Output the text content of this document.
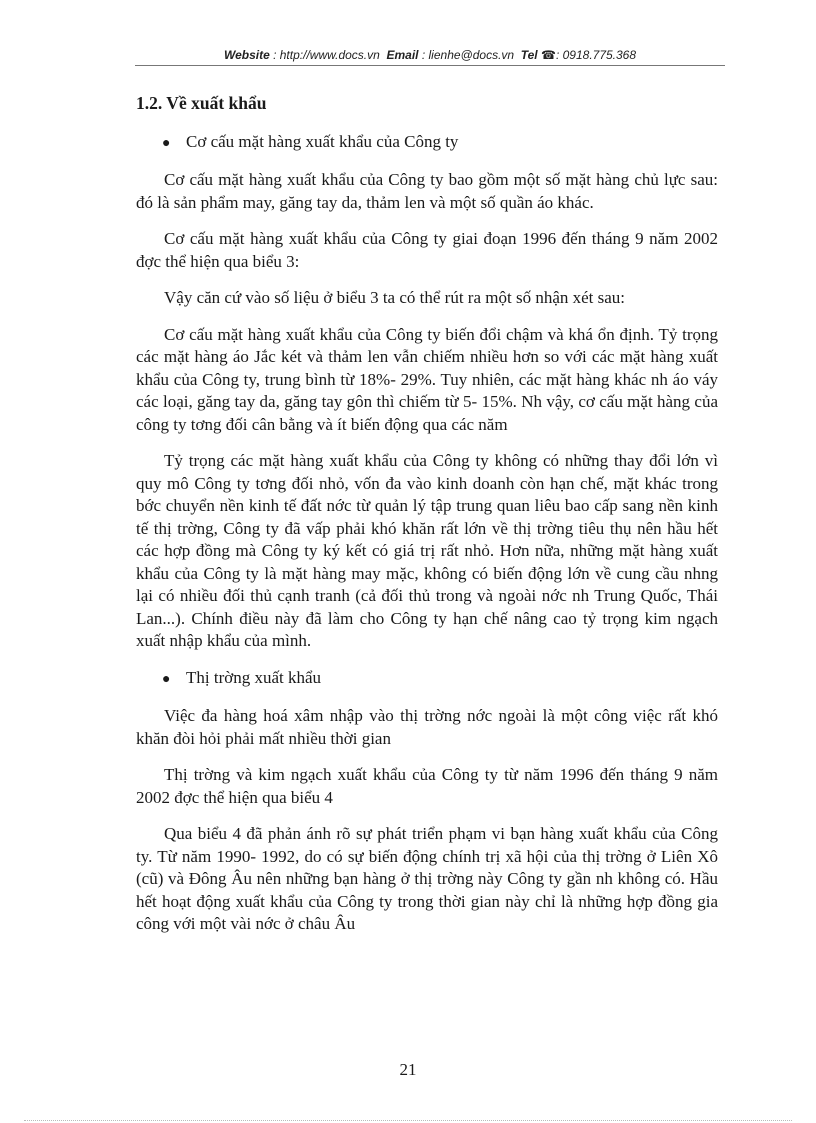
Website : http://www.docs.vn Email : lienhe@docs.vn Tel ☎: 0918.775.368
1.2. Về xuất khẩu
● Cơ cấu mặt hàng xuất khẩu của Công ty

Cơ cấu mặt hàng xuất khẩu của Công ty bao gồm một số mặt hàng chủ lực sau: đó là sản phẩm may, găng tay da, thảm len và một số quần áo khác.

Cơ cấu mặt hàng xuất khẩu của Công ty giai đoạn 1996 đến tháng 9 năm 2002 đợc thể hiện qua biểu 3:

Vậy căn cứ vào số liệu ở biểu 3 ta có thể rút ra một số nhận xét sau:

Cơ cấu mặt hàng xuất khẩu của Công ty biến đổi chậm và khá ổn định. Tỷ trọng các mặt hàng áo Jắc két và thảm len vẫn chiếm nhiều hơn so với các mặt hàng xuất khẩu của Công ty, trung bình từ 18%- 29%. Tuy nhiên, các mặt hàng khác nh áo váy các loại, găng tay da, găng tay gôn thì chiếm từ 5- 15%. Nh vậy, cơ cấu mặt hàng của công ty tơng đối cân bằng và ít biến động qua các năm

Tỷ trọng các mặt hàng xuất khẩu của Công ty không có những thay đổi lớn vì quy mô Công ty tơng đối nhỏ, vốn đa vào kinh doanh còn hạn chế, mặt khác trong bớc chuyển nền kinh tế đất nớc từ quản lý tập trung quan liêu bao cấp sang nền kinh tế thị trờng, Công ty đã vấp phải khó khăn rất lớn về thị trờng tiêu thụ nên hầu hết các hợp đồng mà Công ty ký kết có giá trị rất nhỏ. Hơn nữa, những mặt hàng xuất khẩu của Công ty là mặt hàng may mặc, không có biến động lớn về cung cầu nhng lại có nhiều đối thủ cạnh tranh (cả đối thủ trong và ngoài nớc nh Trung Quốc, Thái Lan...). Chính điều này đã làm cho Công ty hạn chế nâng cao tỷ trọng kim ngạch xuất nhập khẩu của mình.

● Thị trờng xuất khẩu

Việc đa hàng hoá xâm nhập vào thị trờng nớc ngoài là một công việc rất khó khăn đòi hỏi phải mất nhiều thời gian

Thị trờng và kim ngạch xuất khẩu của Công ty từ năm 1996 đến tháng 9 năm 2002 đợc thể hiện qua biểu 4

Qua biểu 4 đã phản ánh rõ sự phát triển phạm vi bạn hàng xuất khẩu của Công ty. Từ năm 1990- 1992, do có sự biến động chính trị xã hội của thị trờng ở Liên Xô (cũ) và Đông Âu nên những bạn hàng ở thị trờng này Công ty gần nh không có. Hầu hết hoạt động xuất khẩu của Công ty trong thời gian này chỉ là những hợp đồng gia công với một vài nớc ở châu Âu

21
